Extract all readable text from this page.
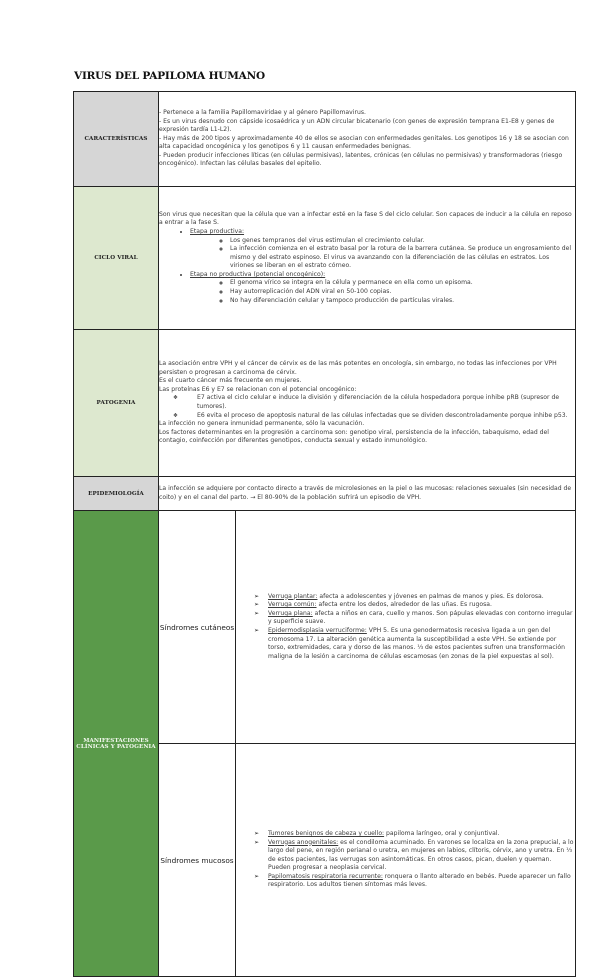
VIRUS DEL PAPILOMA HUMANO
CARACTERÍSTICAS	

- Pertenece a la familia Papillomaviridae y al género Papillomavirus.

- Es un virus desnudo con cápside icosaédrica y un ADN circular bicatenario (con genes de expresión temprana E1-E8 y genes de expresión tardía L1-L2).

- Hay más de 200 tipos y aproximadamente 40 de ellos se asocian con enfermedades genitales. Los genotipos 16 y 18 se asocian con alta capacidad oncogénica y los genotipos 6 y 11 causan enfermedades benignas.

- Pueden producir infecciones líticas (en células permisivas), latentes, crónicas (en células no permisivas) y transformadoras (riesgo oncogénico). Infectan las células basales del epitelio.

CICLO VIRAL	

Son virus que necesitan que la célula que van a infectar esté en la fase S del ciclo celular. Son capaces de inducir a la célula en reposo a entrar a la fase S.

• Etapa productiva:
◦ Los genes tempranos del virus estimulan el crecimiento celular.
◦ La infección comienza en el estrato basal por la rotura de la barrera cutánea. Se produce un engrosamiento del mismo y del estrato espinoso. El virus va avanzando con la diferenciación de las células en estratos. Los viriones se liberan en el estrato córneo.
• Etapa no productiva (potencial oncogénico):
◦ El genoma vírico se integra en la célula y permanece en ella como un episoma.
◦ Hay autorreplicación del ADN viral en 50-100 copias.
◦ No hay diferenciación celular y tampoco producción de partículas virales.

PATOGENIA	

La asociación entre VPH y el cáncer de cérvix es de las más potentes en oncología, sin embargo, no todas las infecciones por VPH persisten o progresan a carcinoma de cérvix.

Es el cuarto cáncer más frecuente en mujeres.

Las proteínas E6 y E7 se relacionan con el potencial oncogénico:

❖ E7 activa el ciclo celular e induce la división y diferenciación de la célula hospedadora porque inhibe pRB (supresor de tumores).
❖ E6 evita el proceso de apoptosis natural de las células infectadas que se dividen descontroladamente porque inhibe p53.

La infección no genera inmunidad permanente, sólo la vacunación.

Los factores determinantes en la progresión a carcinoma son: genotipo viral, persistencia de la infección, tabaquismo, edad del contagio, coinfección por diferentes genotipos, conducta sexual y estado inmunológico.

EPIDEMIOLOGÍA	

La infección se adquiere por contacto directo a través de microlesiones en la piel o las mucosas: relaciones sexuales (sin necesidad de coito) y en el canal del parto. → El 80-90% de la población sufrirá un episodio de VPH.

MANIFESTACIONES CLÍNICAS Y PATOGENIA	
Síndromes cutáneos	
➢ Verruga plantar: afecta a adolescentes y jóvenes en palmas de manos y pies. Es dolorosa.
➢ Verruga común: afecta entre los dedos, alrededor de las uñas. Es rugosa.
➢ Verruga plana: afecta a niños en cara, cuello y manos. Son pápulas elevadas con contorno irregular y superficie suave.
➢ Epidermodisplasia verruciforme: VPH 5. Es una genodermatosis recesiva ligada a un gen del cromosoma 17. La alteración genética aumenta la susceptibilidad a este VPH. Se extiende por torso, extremidades, cara y dorso de las manos. ⅓ de estos pacientes sufren una transformación maligna de la lesión a carcinoma de células escamosas (en zonas de la piel expuestas al sol).

Síndromes mucosos	
➢ Tumores benignos de cabeza y cuello: papiloma laríngeo, oral y conjuntival.
➢ Verrugas anogenitales: es el condiloma acuminado. En varones se localiza en la zona prepucial, a lo largo del pene, en región perianal o uretra, en mujeres en labios, clítoris, cérvix, ano y uretra. En ⅓ de estos pacientes, las verrugas son asintomáticas. En otros casos, pican, duelen y queman. Pueden progresar a neoplasia cervical.
➢ Papilomatosis respiratoria recurrente: ronquera o llanto alterado en bebés. Puede aparecer un fallo respiratorio. Los adultos tienen síntomas más leves.
